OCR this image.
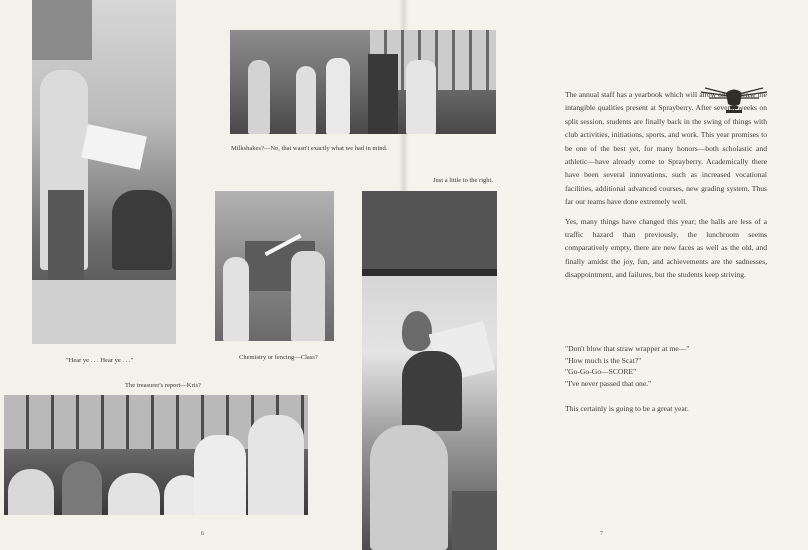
Milkshakes?—No, that wasn't exactly what we had in mind.
Chemistry or fencing—Class?
"Hear ye . . . Hear ye . . ."
The treasurer's report—Kris?
6
Just a little to the right.

The annual staff has a yearbook which will allow one to sense the intangible qualities present at Sprayberry. After several weeks on split session, students are finally back in the swing of things with club activities, initiations, sports, and work. This year promises to be one of the best yet, for many honors—both scholastic and athletic—have already come to Sprayberry. Academically there have been several innovations, such as increased vocational facilities, additional advanced courses, new grading system. Thus far our teams have done extremely well.

Yes, many things have changed this year; the halls are less of a traffic hazard than previously, the lunchroom seems comparatively empty, there are new faces as well as the old, and finally amidst the joy, fun, and achievements are the sadnesses, disappointment, and failures, but the students keep striving.

"Don't blow that straw wrapper at me—"
"How much is the Scat?"
"Go-Go-Go—SCORE"
"I've never passed that one."
This certainly is going to be a great year.
7
